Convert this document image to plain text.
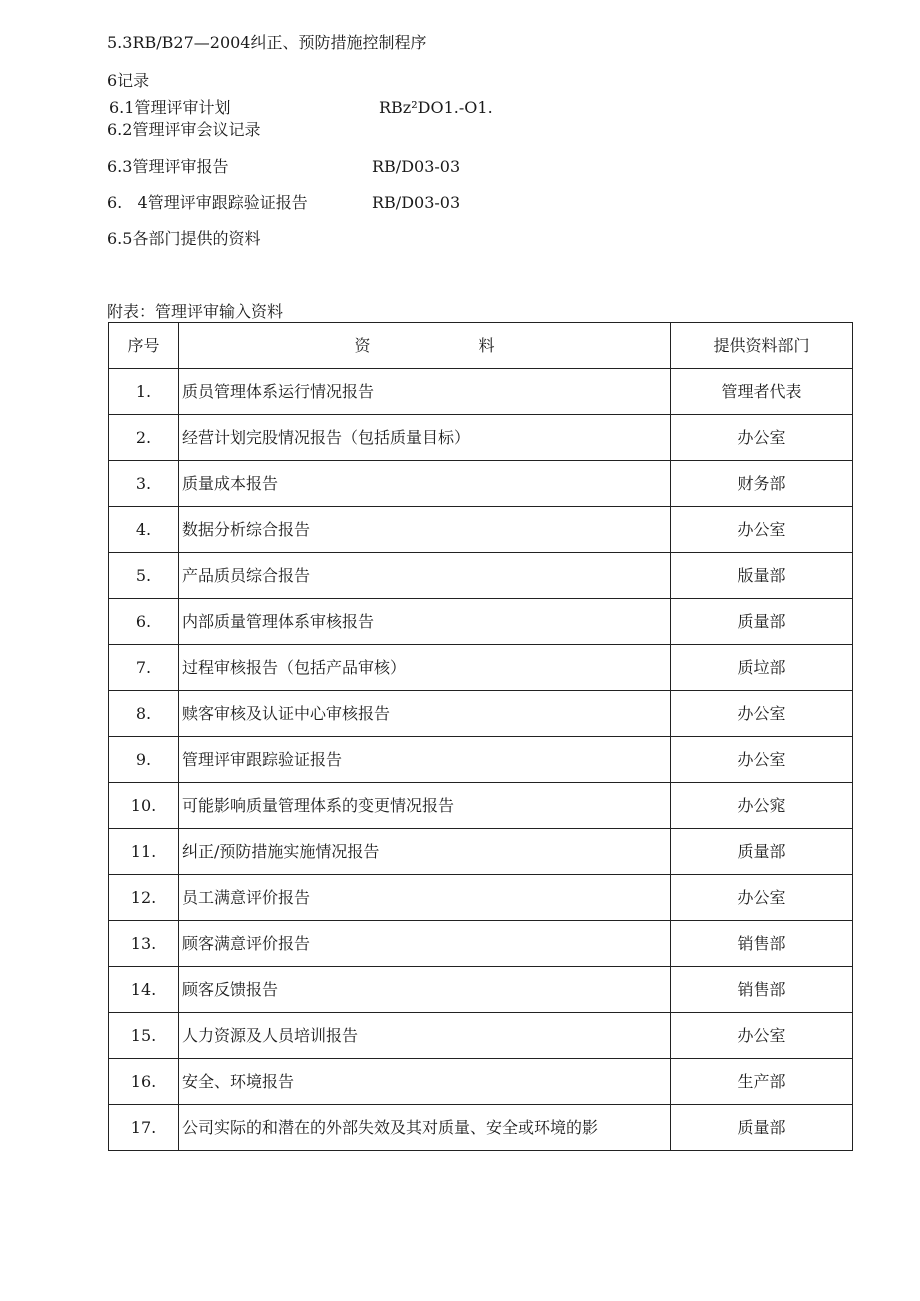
5.3RB/B27—2004纠正、预防措施控制程序
6记录
6.1管理评审计划	RBz²DO1.-O1.
6.2管理评审会议记录
6.3管理评审报告	RB/D03-03
6.   4管理评审跟踪验证报告	RB/D03-03
6.5各部门提供的资料
附表：管理评审输入资料
序号	资 料	提供资料部门
1.	质员管理体系运行情况报告	管理者代表
2.	经营计划完股情况报告（包括质量目标）	办公室
3.	质量成本报告	财务部
4.	数据分析综合报告	办公室
5.	产品质员综合报告	版量部
6.	内部质量管理体系审核报告	质量部
7.	过程审核报告（包括产品审核）	质垃部
8.	赎客审核及认证中心审核报告	办公室
9.	管理评审跟踪验证报告	办公室
10.	可能影响质量管理体系的变更情况报告	办公窕
11.	纠正/预防措施实施情况报告	质量部
12.	员工满意评价报告	办公室
13.	顾客满意评价报告	销售部
14.	顾客反馈报告	销售部
15.	人力资源及人员培训报告	办公室
16.	安全、环境报告	生产部
17.	公司实际的和潜在的外部失效及其对质量、安全或环境的影	质量部
